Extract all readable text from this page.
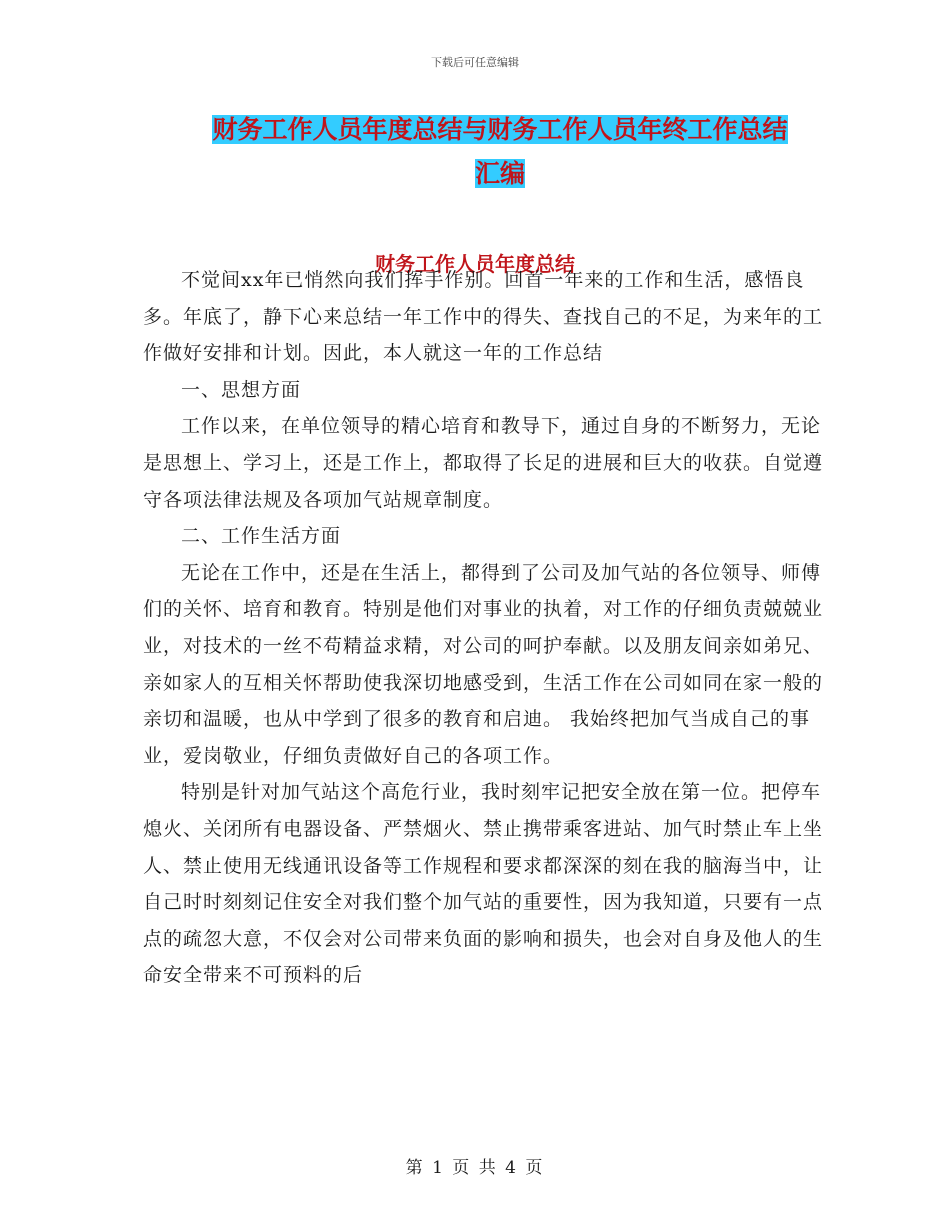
下载后可任意编辑
财务工作人员年度总结与财务工作人员年终工作总结
汇编
财务工作人员年度总结

不觉间xx年已悄然向我们挥手作别。回首一年来的工作和生活，感悟良多。年底了，静下心来总结一年工作中的得失、查找自己的不足，为来年的工作做好安排和计划。因此，本人就这一年的工作总结

一、思想方面

工作以来，在单位领导的精心培育和教导下，通过自身的不断努力，无论是思想上、学习上，还是工作上，都取得了长足的进展和巨大的收获。自觉遵守各项法律法规及各项加气站规章制度。

二、工作生活方面

无论在工作中，还是在生活上，都得到了公司及加气站的各位领导、师傅们的关怀、培育和教育。特别是他们对事业的执着，对工作的仔细负责兢兢业业，对技术的一丝不苟精益求精，对公司的呵护奉献。以及朋友间亲如弟兄、亲如家人的互相关怀帮助使我深切地感受到，生活工作在公司如同在家一般的亲切和温暖，也从中学到了很多的教育和启迪。 我始终把加气当成自己的事业，爱岗敬业，仔细负责做好自己的各项工作。

特别是针对加气站这个高危行业，我时刻牢记把安全放在第一位。把停车熄火、关闭所有电器设备、严禁烟火、禁止携带乘客进站、加气时禁止车上坐人、禁止使用无线通讯设备等工作规程和要求都深深的刻在我的脑海当中，让自己时时刻刻记住安全对我们整个加气站的重要性，因为我知道，只要有一点点的疏忽大意，不仅会对公司带来负面的影响和损失，也会对自身及他人的生命安全带来不可预料的后

第 1 页 共 4 页
